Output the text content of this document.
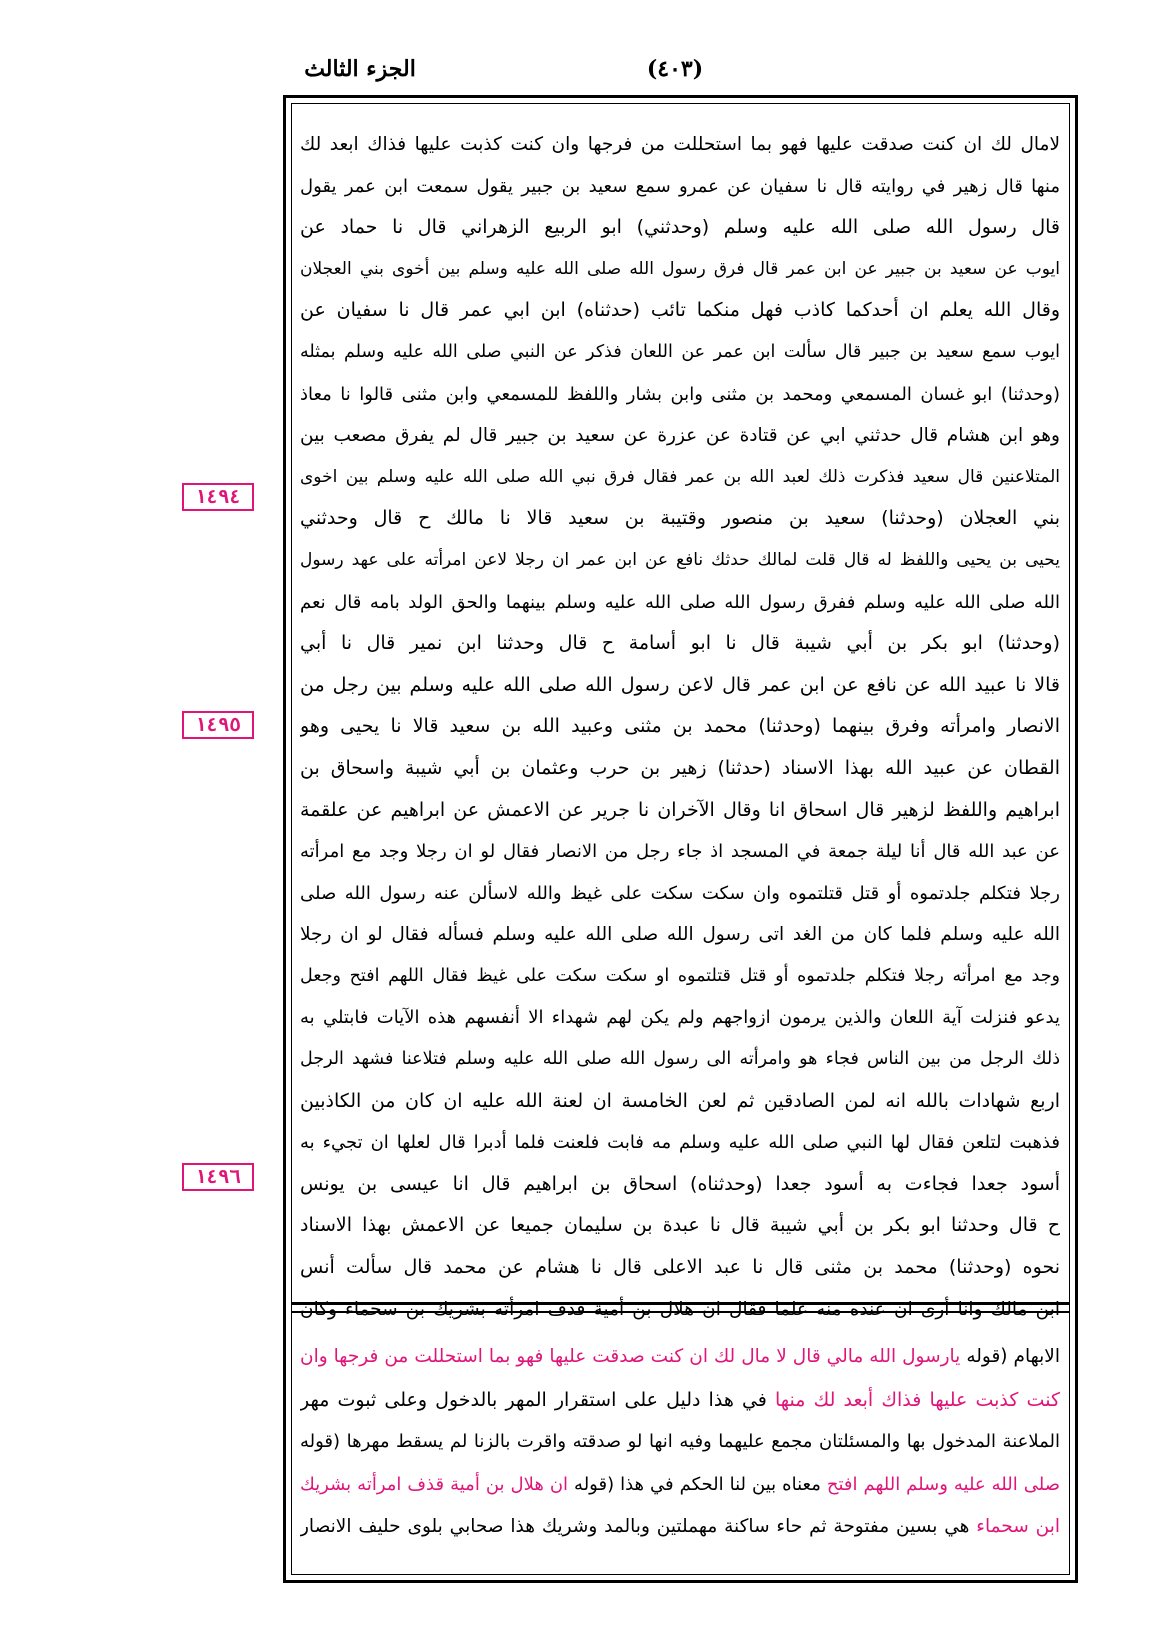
الجزء الثالث	(٤٠٣)
لامال لك ان كنت صدقت عليها فهو بما استحللت من فرجها وان كنت كذبت عليها فذاك ابعد لك
منها قال زهير في روايته قال نا سفيان عن عمرو سمع سعيد بن جبير يقول سمعت ابن عمر يقول
قال رسول الله صلى الله عليه وسلم (وحدثني) ابو الربيع الزهراني قال نا حماد عن
ايوب عن سعيد بن جبير عن ابن عمر قال فرق رسول الله صلى الله عليه وسلم بين أخوى بني العجلان
وقال الله يعلم ان أحدكما كاذب فهل منكما تائب (حدثناه) ابن ابي عمر قال نا سفيان عن
ايوب سمع سعيد بن جبير قال سألت ابن عمر عن اللعان فذكر عن النبي صلى الله عليه وسلم بمثله
(وحدثنا) ابو غسان المسمعي ومحمد بن مثنى وابن بشار واللفظ للمسمعي وابن مثنى قالوا نا معاذ
وهو ابن هشام قال حدثني ابي عن قتادة عن عزرة عن سعيد بن جبير قال لم يفرق مصعب بين
المتلاعنين قال سعيد فذكرت ذلك لعبد الله بن عمر فقال فرق نبي الله صلى الله عليه وسلم بين اخوى
بني العجلان (وحدثنا) سعيد بن منصور وقتيبة بن سعيد قالا نا مالك ح قال وحدثني
يحيى بن يحيى واللفظ له قال قلت لمالك حدثك نافع عن ابن عمر ان رجلا لاعن امرأته على عهد رسول
الله صلى الله عليه وسلم ففرق رسول الله صلى الله عليه وسلم بينهما والحق الولد بامه قال نعم
(وحدثنا) ابو بكر بن أبي شيبة قال نا ابو أسامة ح قال وحدثنا ابن نمير قال نا أبي
قالا نا عبيد الله عن نافع عن ابن عمر قال لاعن رسول الله صلى الله عليه وسلم بين رجل من
الانصار وامرأته وفرق بينهما (وحدثنا) محمد بن مثنى وعبيد الله بن سعيد قالا نا يحيى وهو
القطان عن عبيد الله بهذا الاسناد (حدثنا) زهير بن حرب وعثمان بن أبي شيبة واسحاق بن
ابراهيم واللفظ لزهير قال اسحاق انا وقال الآخران نا جرير عن الاعمش عن ابراهيم عن علقمة
عن عبد الله قال أنا ليلة جمعة في المسجد اذ جاء رجل من الانصار فقال لو ان رجلا وجد مع امرأته
رجلا فتكلم جلدتموه أو قتل قتلتموه وان سكت سكت على غيظ والله لاسألن عنه رسول الله صلى
الله عليه وسلم فلما كان من الغد اتى رسول الله صلى الله عليه وسلم فسأله فقال لو ان رجلا
وجد مع امرأته رجلا فتكلم جلدتموه أو قتل قتلتموه او سكت سكت على غيظ فقال اللهم افتح وجعل
يدعو فنزلت آية اللعان والذين يرمون ازواجهم ولم يكن لهم شهداء الا أنفسهم هذه الآيات فابتلي به
ذلك الرجل من بين الناس فجاء هو وامرأته الى رسول الله صلى الله عليه وسلم فتلاعنا فشهد الرجل
اربع شهادات بالله انه لمن الصادقين ثم لعن الخامسة ان لعنة الله عليه ان كان من الكاذبين
فذهبت لتلعن فقال لها النبي صلى الله عليه وسلم مه فابت فلعنت فلما أدبرا قال لعلها ان تجيء به
أسود جعدا فجاءت به أسود جعدا (وحدثناه) اسحاق بن ابراهيم قال انا عيسى بن يونس
ح قال وحدثنا ابو بكر بن أبي شيبة قال نا عبدة بن سليمان جميعا عن الاعمش بهذا الاسناد
نحوه (وحدثنا) محمد بن مثنى قال نا عبد الاعلى قال نا هشام عن محمد قال سألت أنس
ابن مالك وانا أرى ان عنده منه علما فقال ان هلال بن أمية قذف امرأته بشريك بن سحماء وكان
الابهام (قوله يارسول الله مالي قال لا مال لك ان كنت صدقت عليها فهو بما استحللت من فرجها وان
كنت كذبت عليها فذاك أبعد لك منها في هذا دليل على استقرار المهر بالدخول وعلى ثبوت مهر
الملاعنة المدخول بها والمسئلتان مجمع عليهما وفيه انها لو صدقته واقرت بالزنا لم يسقط مهرها (قوله
صلى الله عليه وسلم اللهم افتح معناه بين لنا الحكم في هذا (قوله ان هلال بن أمية قذف امرأته بشريك
ابن سحماء هي بسين مفتوحة ثم حاء ساكنة مهملتين وبالمد وشريك هذا صحابي بلوى حليف الانصار
١٤٩٤
١٤٩٥
١٤٩٦
